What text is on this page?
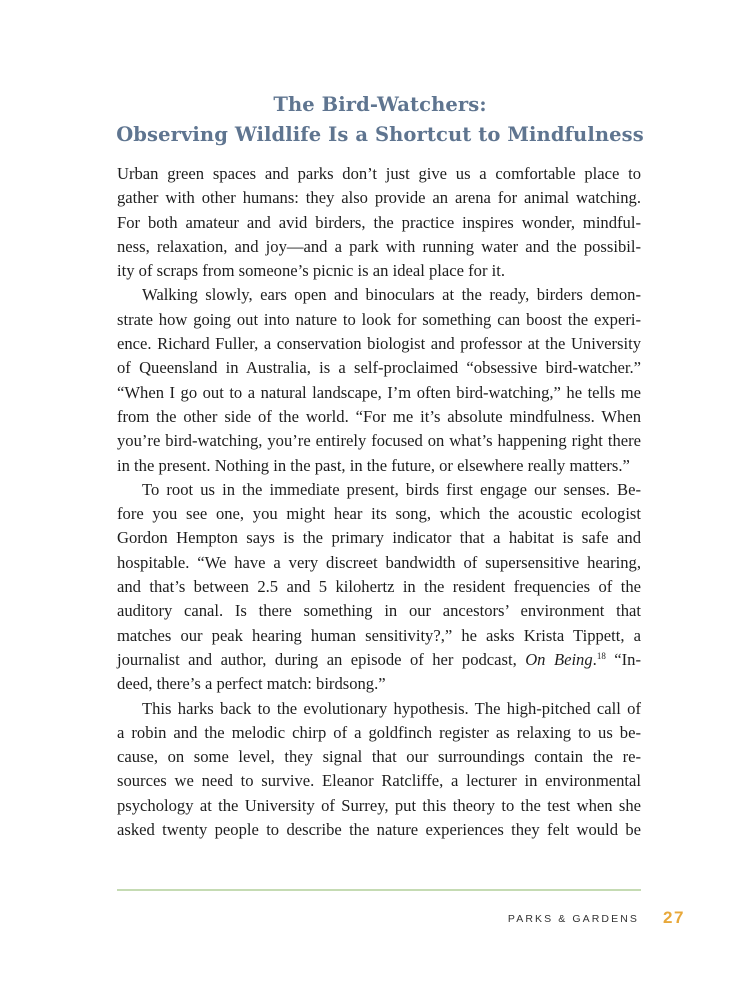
The Bird-Watchers:
Observing Wildlife Is a Shortcut to Mindfulness

Urban green spaces and parks don’t just give us a comfortable place to
gather with other humans: they also provide an arena for animal watching.
For both amateur and avid birders, the practice inspires wonder, mindful-
ness, relaxation, and joy—and a park with running water and the possibil-
ity of scraps from someone’s picnic is an ideal place for it.

Walking slowly, ears open and binoculars at the ready, birders demon-
strate how going out into nature to look for something can boost the experi-
ence. Richard Fuller, a conservation biologist and professor at the University
of Queensland in Australia, is a self-proclaimed “obsessive bird-watcher.”
“When I go out to a natural landscape, I’m often bird-watching,” he tells me
from the other side of the world. “For me it’s absolute mindfulness. When
you’re bird-watching, you’re entirely focused on what’s happening right there
in the present. Nothing in the past, in the future, or elsewhere really matters.”

To root us in the immediate present, birds first engage our senses. Be-
fore you see one, you might hear its song, which the acoustic ecologist
Gordon Hempton says is the primary indicator that a habitat is safe and
hospitable. “We have a very discreet bandwidth of supersensitive hearing,
and that’s between 2.5 and 5 kilohertz in the resident frequencies of the
auditory canal. Is there something in our ancestors’ environment that
matches our peak hearing human sensitivity?,” he asks Krista Tippett, a
journalist and author, during an episode of her podcast, On Being.$^{18}$ “In-
deed, there’s a perfect match: birdsong.”

This harks back to the evolutionary hypothesis. The high-pitched call of
a robin and the melodic chirp of a goldfinch register as relaxing to us be-
cause, on some level, they signal that our surroundings contain the re-
sources we need to survive. Eleanor Ratcliffe, a lecturer in environmental
psychology at the University of Surrey, put this theory to the test when she
asked twenty people to describe the nature experiences they felt would be

PARKS & GARDENS 27
